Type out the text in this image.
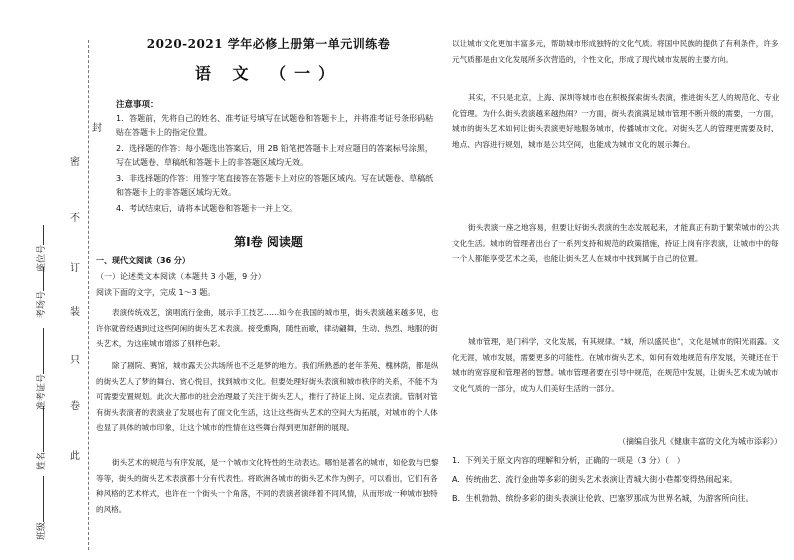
封
密
不
订
装
只
卷
此
班级
姓名
准考证号
考场号
座位号
2020-2021 学年必修上册第一单元训练卷
语 文 （一）
注意事项：
1．答题前，先将自己的姓名、准考证号填写在试题卷和答题卡上，并将准考证号条形码粘贴在答题卡上的指定位置。
2．选择题的作答：每小题选出答案后，用 2B 铅笔把答题卡上对应题目的答案标号涂黑，写在试题卷、草稿纸和答题卡上的非答题区域均无效。
3．非选择题的作答：用签字笔直接答在答题卡上对应的答题区域内。写在试题卷、草稿纸和答题卡上的非答题区域均无效。
4．考试结束后，请将本试题卷和答题卡一并上交。
第Ⅰ卷 阅读题
一、现代文阅读（36 分）
（一）论述类文本阅读（本题共 3 小题，9 分）
阅读下面的文字，完成 1～3 题。
表演传统戏艺，演唱流行金曲，展示手工技艺……如今在我国的城市里，街头表演越来越多见，也许你就曾经遇到过这些阿闲的街头艺术表演。接受熏陶，随性而歌，律动翩舞，生动、热烈、地服的街头艺术，为这座城市增添了别样色彩。
除了剧院、赛馆，城市露天公共场所也不乏是梦的地方。我们所熟悉的老年茶苑、槐林荫，都是纵的街头艺人了梦的舞台、赏心悦目，找到城市文化。但要处理好街头表演和城市秩序的关系，不能不为可需要安置规划。此次大都市的社会治理最了关注于街头艺人，推行了持证上岗、定点表演。管制对管有街头表演者的表演业了发展也有了面文化生活，这让这些街头艺术的空间大为拓展，对城市的个人体也显了具体的城市印象，让这个城市的性情在这些舞台得到更加舒朗的展现。
街头艺术的规范与有序发展，是一个城市文化特性的生动表达。哪怕是著名的城市，如伦敦与巴黎等等，街头的街头艺术表演都十分有代表性。将欧洲各城市的街头艺术作为例子，可以看出，它们有各种风格的艺术样式，也许在一个街头一个角落，不同的表演者演绎着不同风情，从而形成一种城市独特的风格。
以让城市文化更加丰富多元，帮助城市形成独特的文化气质。将国中民族的提供了有利条件，许多元气质都是由文化发展所多次营造的，个性文化，形成了现代城市发展的主要方向。
其实，不只是北京，上海、深圳等城市也在积极探索街头表演，推进街头艺人的规范化、专业化管理。为什么街头表演越来越热闹？一方面，街头表演满足城市管理不断升级的需要，一方面，城市的街头艺术如何让街头表演更好地服务城市，传播城市文化。对街头艺人的管理更需要及时、地点、内容进行规划，城市是公共空间，也能成为城市文化的展示舞台。
街头表演一座之地容易，但要让好街头表演的生态发展起来，才能真正有助于繁荣城市的公共文化生活。城市的管理者出台了一系列支持和规范的政策措施，持证上岗有序表演，让城市中的每一个人都能享受艺术之美，也能让街头艺人在城市中找到属于自己的位置。
城市管理，是门科学，文化发展，有其规律。“城，所以盛民也”，文化是城市的阳光雨露。文化无涯，城市发展，需要更多的可能性。在城市街头艺术，如何有效地规范有序发展，关键还在于城市的宽容度和管理者的智慧。城市管理者要在引导中规范，在规范中发展，让街头艺术成为城市文化气质的一部分，成为人们美好生活的一部分。
（摘编自张凡《健康丰富的文化为城市添彩》）
1．下列关于原文内容的理解和分析，正确的一项是（3 分）（　）
A．传统曲艺、流行金曲等多彩的街头艺术表演让青城大街小巷都变得热闹起来。
B．生机勃勃、缤纷多彩的街头表演让伦敦、巴塞罗那成为世界名城，为游客所向往。
